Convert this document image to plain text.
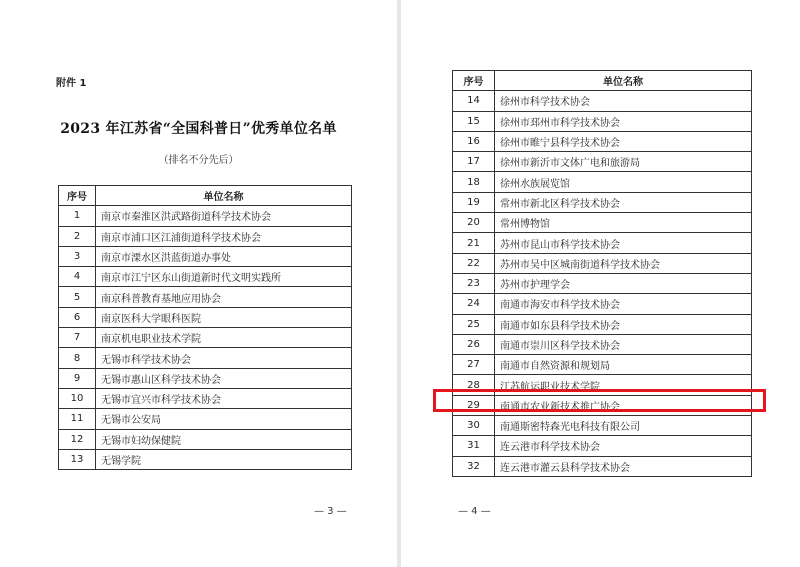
附件 1
2023 年江苏省“全国科普日”优秀单位名单
（排名不分先后）
序号	单位名称
1	南京市秦淮区洪武路街道科学技术协会
2	南京市浦口区江浦街道科学技术协会
3	南京市溧水区洪蓝街道办事处
4	南京市江宁区东山街道新时代文明实践所
5	南京科普教育基地应用协会
6	南京医科大学眼科医院
7	南京机电职业技术学院
8	无锡市科学技术协会
9	无锡市惠山区科学技术协会
10	无锡市宜兴市科学技术协会
11	无锡市公安局
12	无锡市妇幼保健院
13	无锡学院
— 3 —
序号	单位名称
14	徐州市科学技术协会
15	徐州市邳州市科学技术协会
16	徐州市睢宁县科学技术协会
17	徐州市新沂市文体广电和旅游局
18	徐州水族展览馆
19	常州市新北区科学技术协会
20	常州博物馆
21	苏州市昆山市科学技术协会
22	苏州市吴中区城南街道科学技术协会
23	苏州市护理学会
24	南通市海安市科学技术协会
25	南通市如东县科学技术协会
26	南通市崇川区科学技术协会
27	南通市自然资源和规划局
28	江苏航运职业技术学院
29	南通市农业新技术推广协会
30	南通斯密特森光电科技有限公司
31	连云港市科学技术协会
32	连云港市灌云县科学技术协会
— 4 —
